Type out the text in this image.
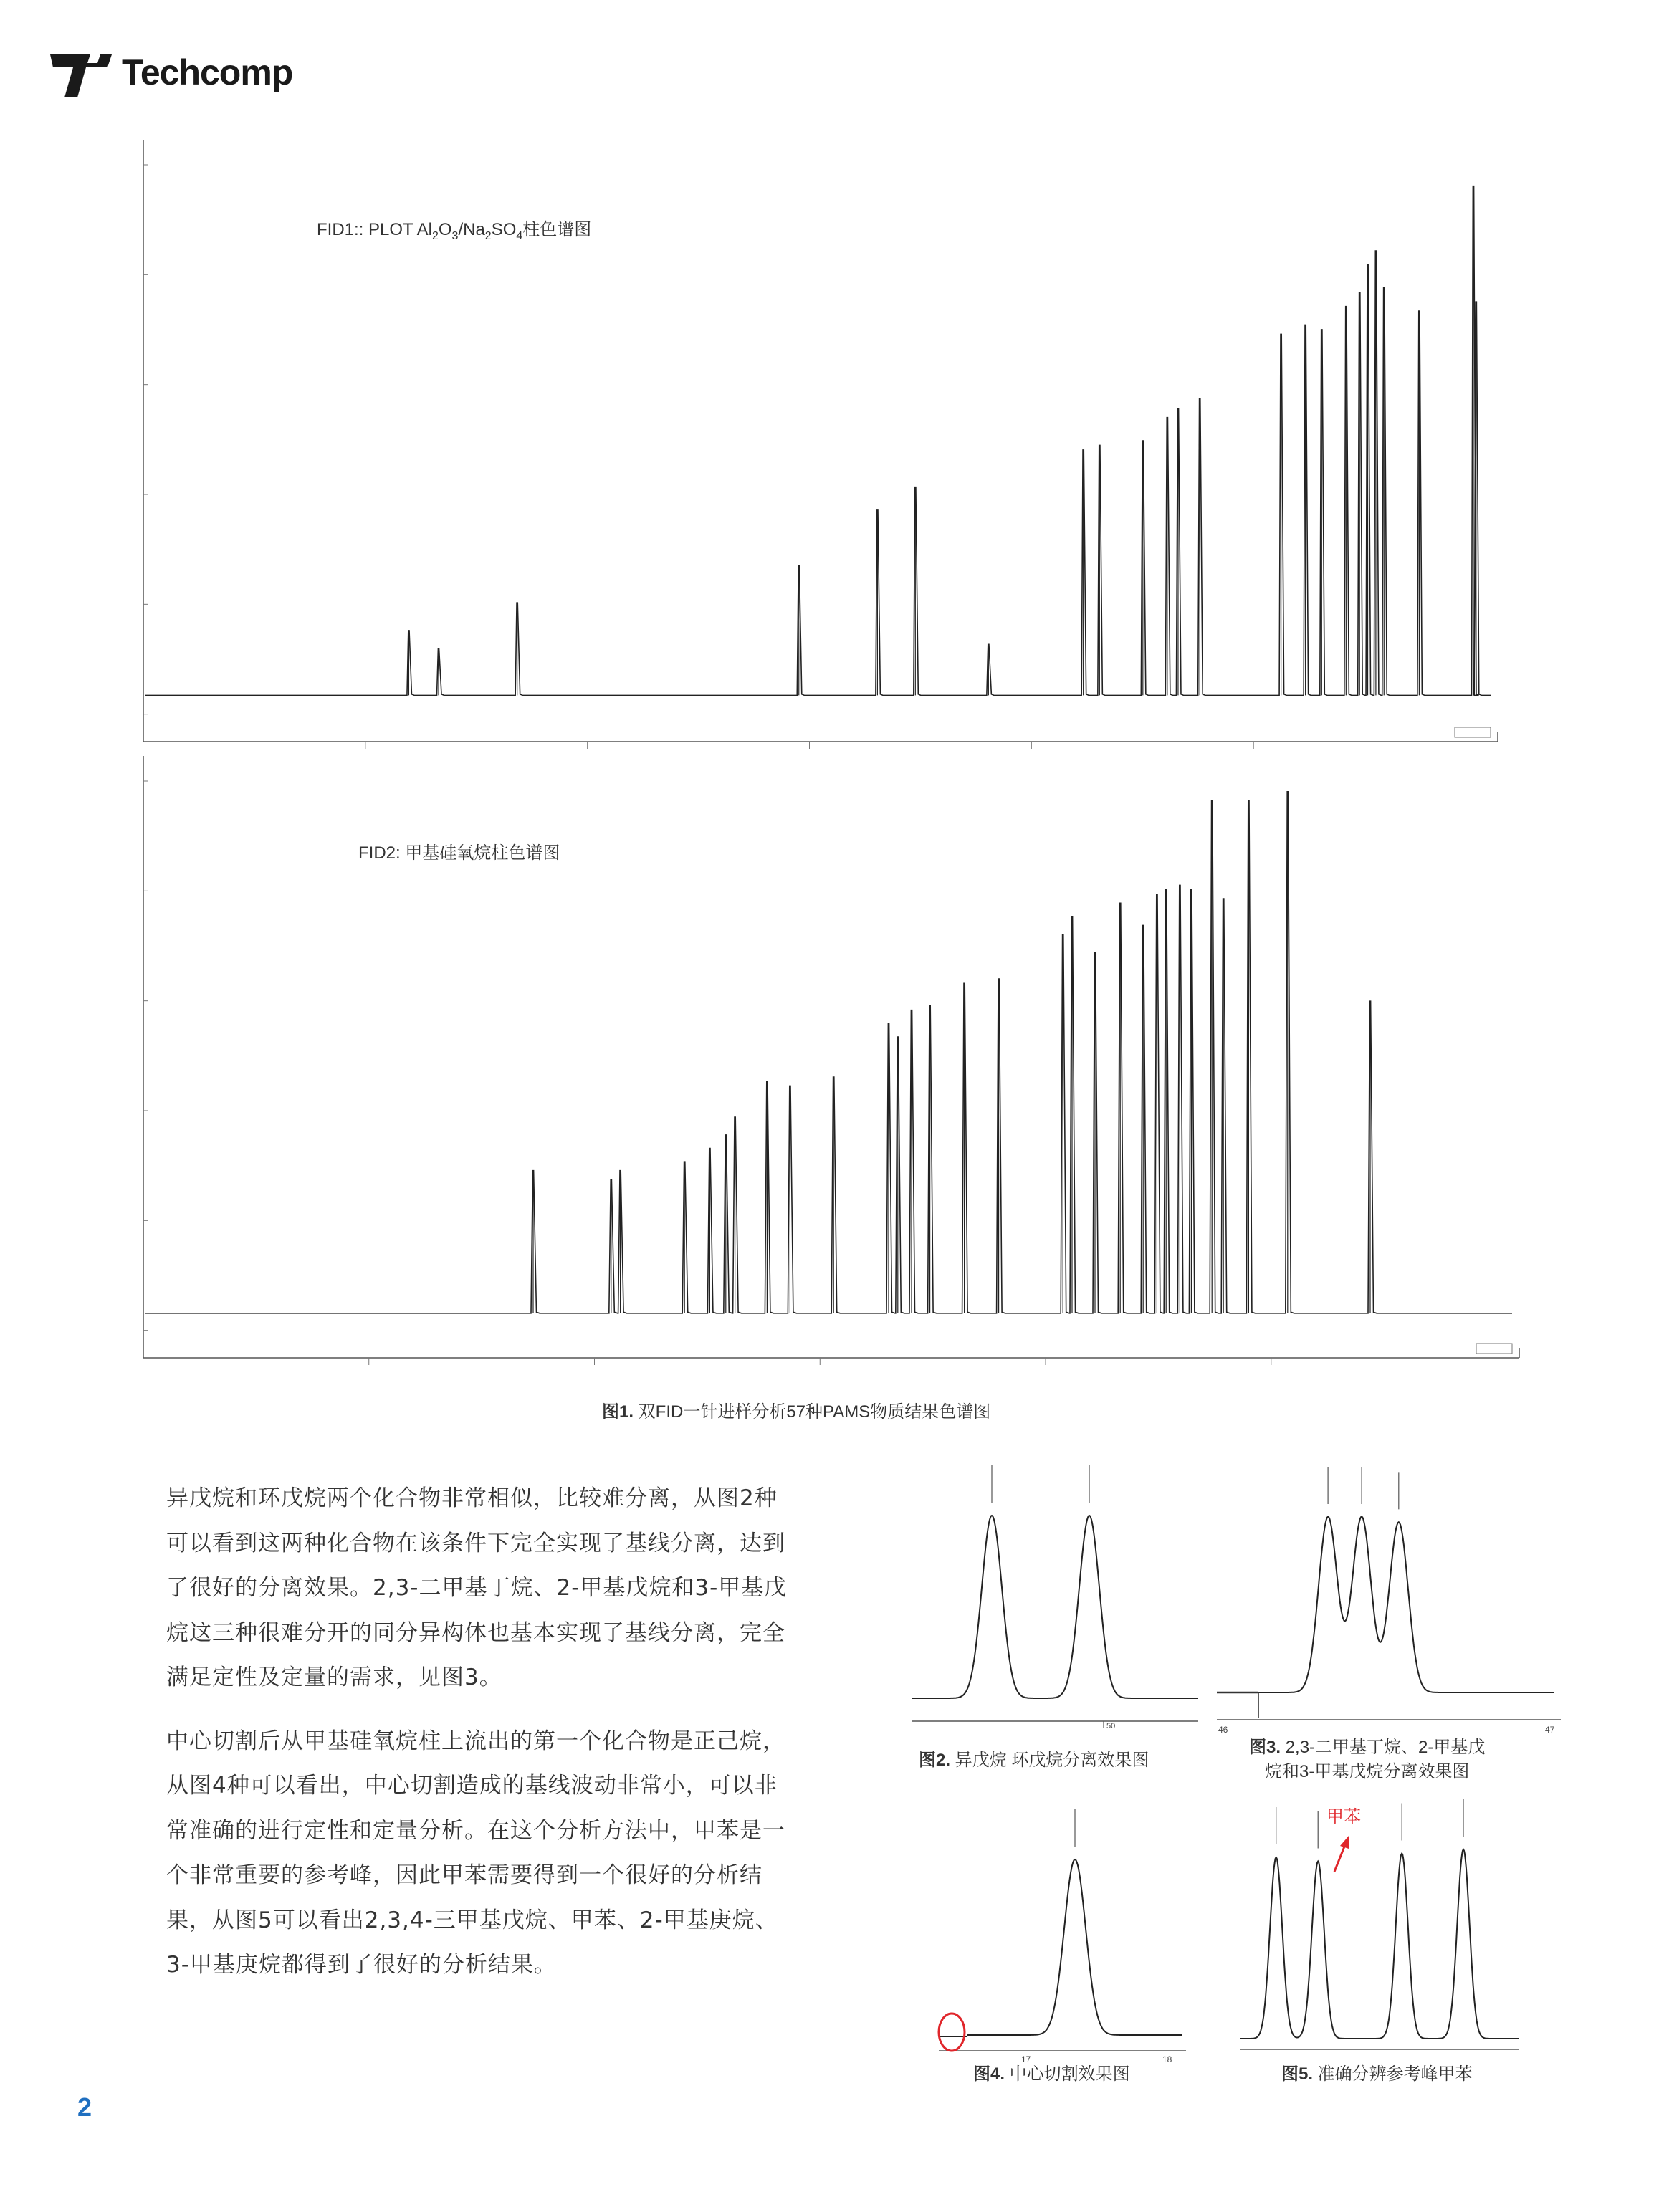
Techcomp
FID1:: PLOT $Al_2O_3/Na_2SO_4$柱色谱图
FID2: 甲基硅氧烷柱色谱图
图1. 双FID一针进样分析57种PAMS物质结果色谱图

异戊烷和环戊烷两个化合物非常相似，比较难分离，从图2种可以看到这两种化合物在该条件下完全实现了基线分离，达到了很好的分离效果。2,3-二甲基丁烷、2-甲基戊烷和3-甲基戊烷这三种很难分开的同分异构体也基本实现了基线分离，完全满足定性及定量的需求，见图3。

中心切割后从甲基硅氧烷柱上流出的第一个化合物是正己烷，从图4种可以看出，中心切割造成的基线波动非常小，可以非常准确的进行定性和定量分析。在这个分析方法中，甲苯是一个非常重要的参考峰，因此甲苯需要得到一个很好的分析结果，从图5可以看出2,3,4-三甲基戊烷、甲苯、2-甲基庚烷、3-甲基庚烷都得到了很好的分析结果。

50
图2. 异戊烷 环戊烷分离效果图
46	47
图3. 2,3-二甲基丁烷、2-甲基戊
烷和3-甲基戊烷分离效果图
17	18
图4. 中心切割效果图
甲苯
图5. 准确分辨参考峰甲苯
2
